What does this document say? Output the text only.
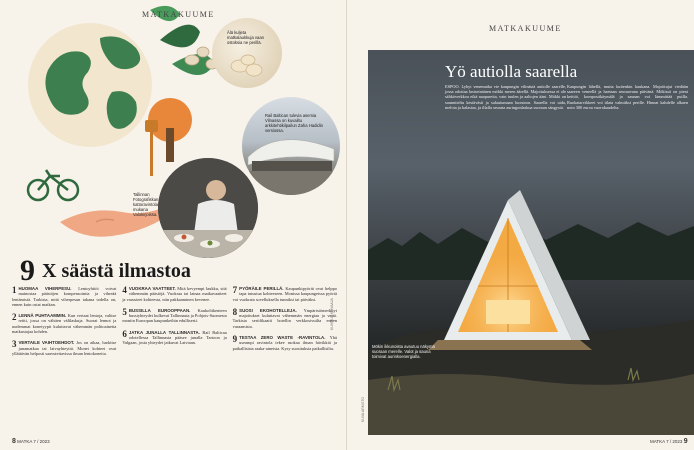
MATKAKUUME
Älä kuljeta matkalaukkuja vaan ostoksia ne perillä.
Rail Baltican tulevia asemia Vilnassa on kuvailtu arkkitehtikilpailun Zaha Hadidin versiossa.
Tallinnan Fotografiskan kattoravintola mukana Valokirjoissa.
9 X säästä ilmastoa
1 HUOMAA VIHERPESU. Lentoyhtiöt voivat mainostaa päästöjen kompensointia ja vihreää lentämistä. Tarkista, mitä viherpesun takana todella on, ennen kuin ostat matkan.
2 LENNÄ PUHTAAMMIN. Kun vertaat lentoja, valitse reitti, jossa on vähiten välilaskuja. Suorat lennot ja uudemmat konetyypit kuluttavat vähemmän polttoainetta matkustajaa kohden.
3 VERTAILE VAIHTOEHDOT. Jos on aikaa, harkitse junamatkaa tai laivayhteyttä. Monet kohteet ovat yllättävän helposti saavutettavissa ilman lentokonetta.
4 VUOKRAA VAATTEET. Mitä kevyempi laukku, sitä vähemmän päästöjä. Vuokraa tai lainaa matkavaatteet ja varusteet kohteesta, niin pakkaaminen kevenee.
5 BUSSILLA EUROOPPAAN. Kaukoliikenteen bussiyhteydet kulkevat Tallinnasta ja Pohjois-Suomesta moniin Euroopan kaupunkeihin edullisesti.
6 JATKA JUNALLA TALLINNASTA. Rail Balticaa odotellessa Tallinnasta pääsee junalla Tartoon ja Valgaan, josta yhteydet jatkuvat Latviaan.
7 PYÖRÄILE PERILLÄ. Kaupunkipyörät ovat helppo tapa tutustua kohteeseen. Monissa kaupungeissa pyöriä voi vuokrata sovelluksella tunniksi tai päiväksi.
8 SUOSI EKOHOTELLEJA. Ympäristömerkityt majoitukset kuluttavat vähemmän energiaa ja vettä. Tarkista sertifikaatti hotellin verkkosivuilta ennen varaamista.
9 TESTAA ZERO WASTE -RAVINTOLA. Yhä useampi ravintola tekee ruokaa ilman hävikkiä ja paikallisista raaka-aineista. Kysy suosituksia paikallisilta.
KUVITUS KUVAAJA
8 MATKA 7 / 2023
MATKAKUUME
MATKA 7 / 2023 9
Yö autiolla saarella
ESPOO. Lyhyt venematka vie kaupungin vilinästä autiolle saarelle, jossa odottaa lasiseinäinen mökki meren äärellä. Majoituksessa ei ole sähköverkkoa eikä naapureita, vain tuulen ja aaltojen ääni. Mökki on suunniteltu kestävästi ja sulautumaan luontoon. Saarella voi uida, melota ja kalastaa, ja illalla seurata auringonlaskua suoraan sängystä.
Kaupungin lähellä, mutta kuitenkin kaukana. Majoittujat viedään saareen veneellä ja haetaan seuraavana päivänä. Mökissä on pieni keittiö, kompostikäymälä ja saunan voi lämmittää puilla. Ruokatarvikkeet voi tilata valmiiksi perille. Hinnat kahdelle alkaen noin 300 euroa vuorokaudelta.
Mökin ikkunoista avautuu näkymä suoraan merelle. Valot ja sauna toimivat aurinkoenergialla.
KUVA ARKISTO
